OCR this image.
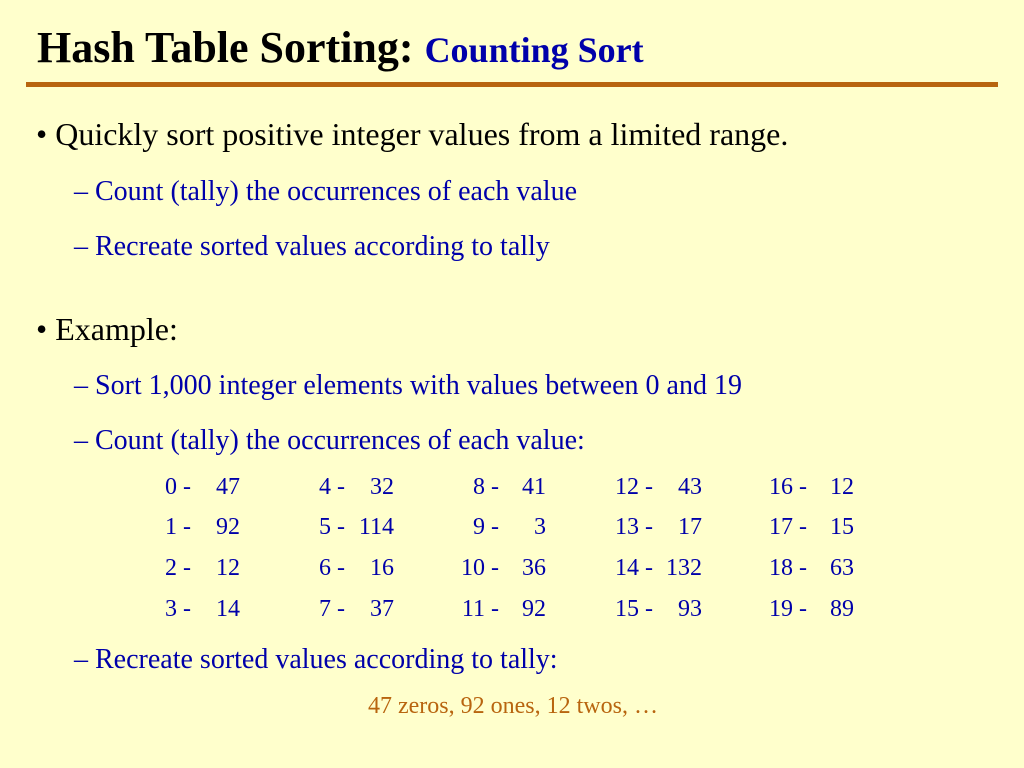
Hash Table Sorting: Counting Sort
• Quickly sort positive integer values from a limited range.
– Count (tally) the occurrences of each value
– Recreate sorted values according to tally
• Example:
– Sort 1,000 integer elements with values between 0 and 19
– Count (tally) the occurrences of each value:
0 - 47	4 -	32	8 - 41	12 -	43	16 - 12
1 - 92	5 - 114	9 -	3	13 -	17	17 - 15
2 - 12	6 -	16	10 - 36	14 - 132	18 - 63
3 - 14	7 -	37	11 - 92	15 -	93	19 - 89
– Recreate sorted values according to tally:
47 zeros, 92 ones, 12 twos, …
